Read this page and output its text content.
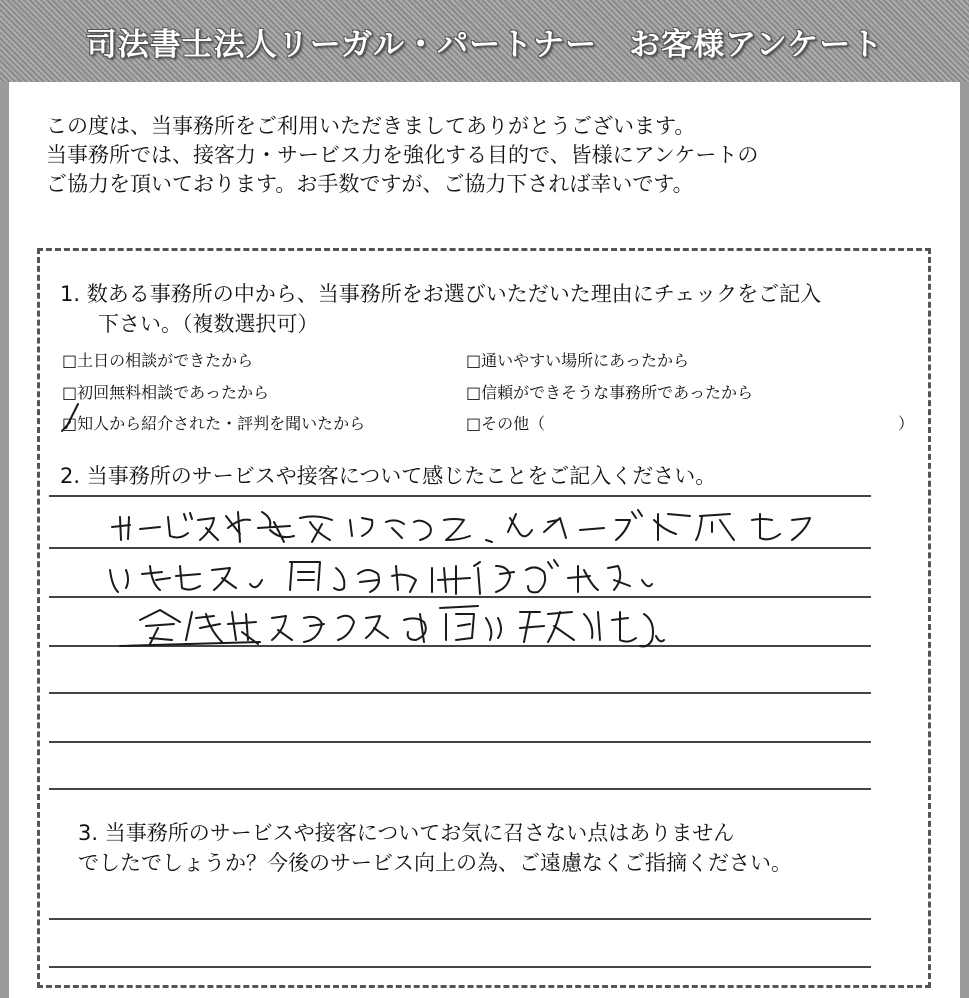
司法書士法人リーガル・パートナー　お客様アンケート
この度は、当事務所をご利用いただきましてありがとうございます。
当事務所では、接客力・サービス力を強化する目的で、皆様にアンケートの
ご協力を頂いております。お手数ですが、ご協力下されば幸いです。
1. 数ある事務所の中から、当事務所をお選びいただいた理由にチェックをご記入
下さい。（複数選択可）
□土日の相談ができたから	□通いやすい場所にあったから
□初回無料相談であったから	□信頼ができそうな事務所であったから
□知人から紹介された・評判を聞いたから	□その他（	）
2. 当事務所のサービスや接客について感じたことをご記入ください。
3. 当事務所のサービスや接客についてお気に召さない点はありません
でしたでしょうか？今後のサービス向上の為、ご遠慮なくご指摘ください。
